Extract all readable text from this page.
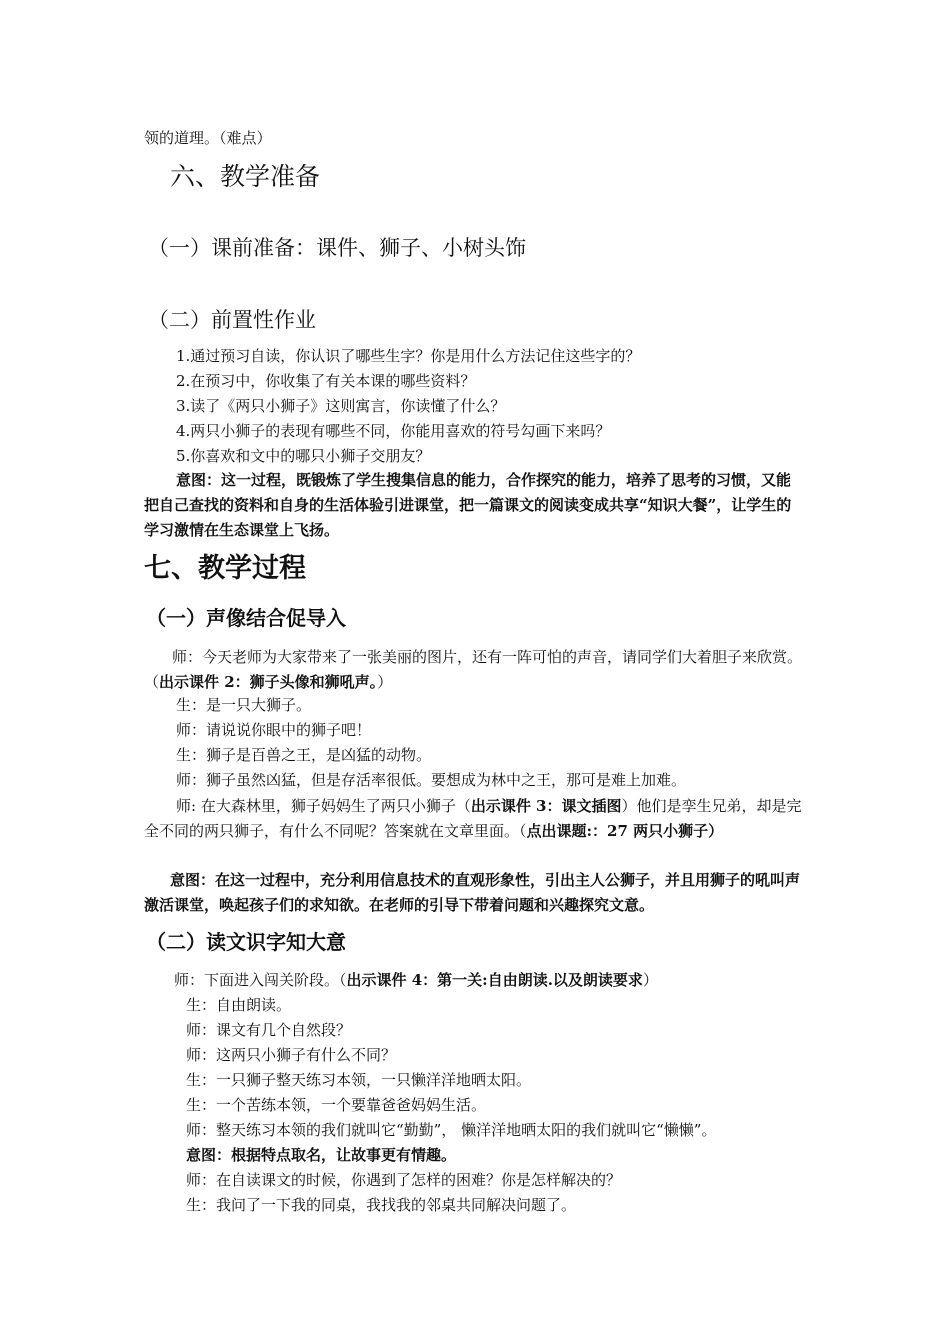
领的道理。（难点）
六、教学准备
（一）课前准备：课件、狮子、小树头饰
（二）前置性作业
1.通过预习自读，你认识了哪些生字？你是用什么方法记住这些字的？
2.在预习中，你收集了有关本课的哪些资料？
3.读了《两只小狮子》这则寓言，你读懂了什么？
4.两只小狮子的表现有哪些不同，你能用喜欢的符号勾画下来吗？
5.你喜欢和文中的哪只小狮子交朋友？
意图：这一过程，既锻炼了学生搜集信息的能力，合作探究的能力，培养了思考的习惯，又能把自己查找的资料和自身的生活体验引进课堂，把一篇课文的阅读变成共享“知识大餐”，让学生的学习激情在生态课堂上飞扬。
七、教学过程
（一）声像结合促导入
师：今天老师为大家带来了一张美丽的图片，还有一阵可怕的声音，请同学们大着胆子来欣赏。（出示课件 2：狮子头像和狮吼声。）
生：是一只大狮子。
师：请说说你眼中的狮子吧！
生：狮子是百兽之王，是凶猛的动物。
师：狮子虽然凶猛，但是存活率很低。要想成为林中之王，那可是难上加难。
师: 在大森林里，狮子妈妈生了两只小狮子（出示课件 3：课文插图）他们是孪生兄弟，却是完全不同的两只狮子，有什么不同呢？答案就在文章里面。（点出课题:：27 两只小狮子）
意图：在这一过程中，充分利用信息技术的直观形象性，引出主人公狮子，并且用狮子的吼叫声激活课堂，唤起孩子们的求知欲。在老师的引导下带着问题和兴趣探究文意。
（二）读文识字知大意
师：下面进入闯关阶段。（出示课件 4：第一关:自由朗读.以及朗读要求）
生：自由朗读。
师：课文有几个自然段？
师：这两只小狮子有什么不同？
生：一只狮子整天练习本领，一只懒洋洋地晒太阳。
生：一个苦练本领，一个要靠爸爸妈妈生活。
师：整天练习本领的我们就叫它“勤勤”， 懒洋洋地晒太阳的我们就叫它“懒懒”。
意图：根据特点取名，让故事更有情趣。
师：在自读课文的时候，你遇到了怎样的困难？你是怎样解决的？
生：我问了一下我的同桌，我找我的邻桌共同解决问题了。
